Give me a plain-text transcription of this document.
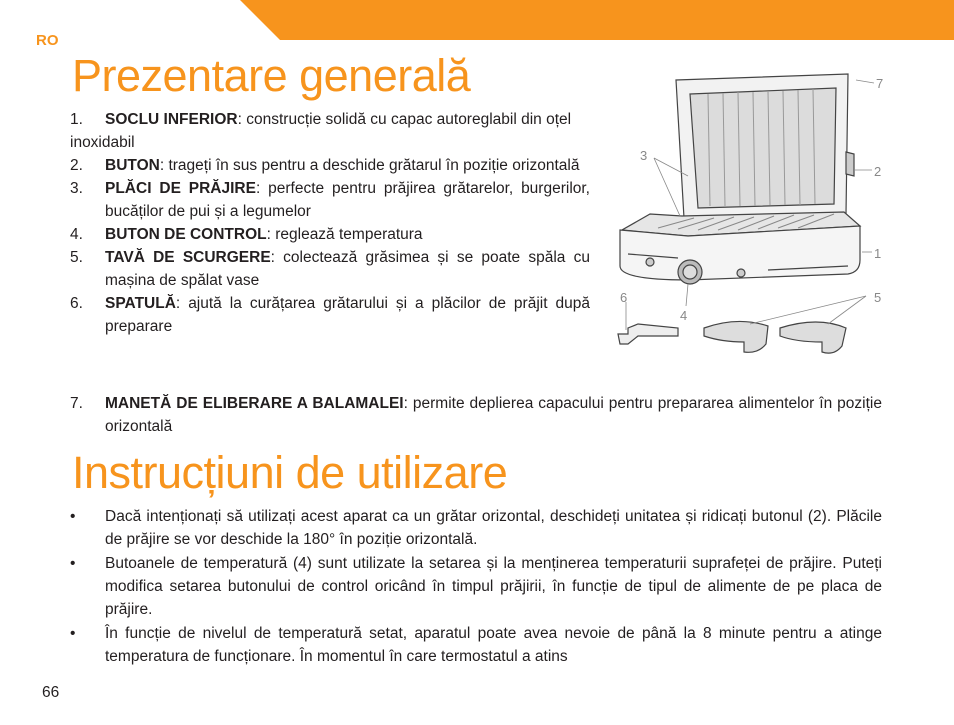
RO
Prezentare generală
1. SOCLU INFERIOR: construcție solidă cu capac autoreglabil din oțel
inoxidabil
2. BUTON: trageți în sus pentru a deschide grătarul în poziție orizontală
3. PLĂCI DE PRĂJIRE: perfecte pentru prăjirea grătarelor, burgerilor, bucăților de pui și a legumelor
4. BUTON DE CONTROL: reglează temperatura
5. TAVĂ DE SCURGERE: colectează grăsimea și se poate spăla cu mașina de spălat vase
6. SPATULĂ: ajută la curățarea grătarului și a plăcilor de prăjit după preparare
7. MANETĂ DE ELIBERARE A BALAMALEI: permite deplierea capacului pentru prepararea alimentelor în poziție orizontală
7
3
2
1
6	5
4
Instrucțiuni de utilizare
• Dacă intenționați să utilizați acest aparat ca un grătar orizontal, deschideți unitatea și ridicați butonul (2). Plăcile de prăjire se vor deschide la 180° în poziție orizontală.
• Butoanele de temperatură (4) sunt utilizate la setarea și la menținerea temperaturii suprafeței de prăjire. Puteți modifica setarea butonului de control oricând în timpul prăjirii, în funcție de tipul de alimente de pe placa de prăjire.
• În funcție de nivelul de temperatură setat, aparatul poate avea nevoie de până la 8 minute pentru a atinge temperatura de funcționare. În momentul în care termostatul a atins
66
